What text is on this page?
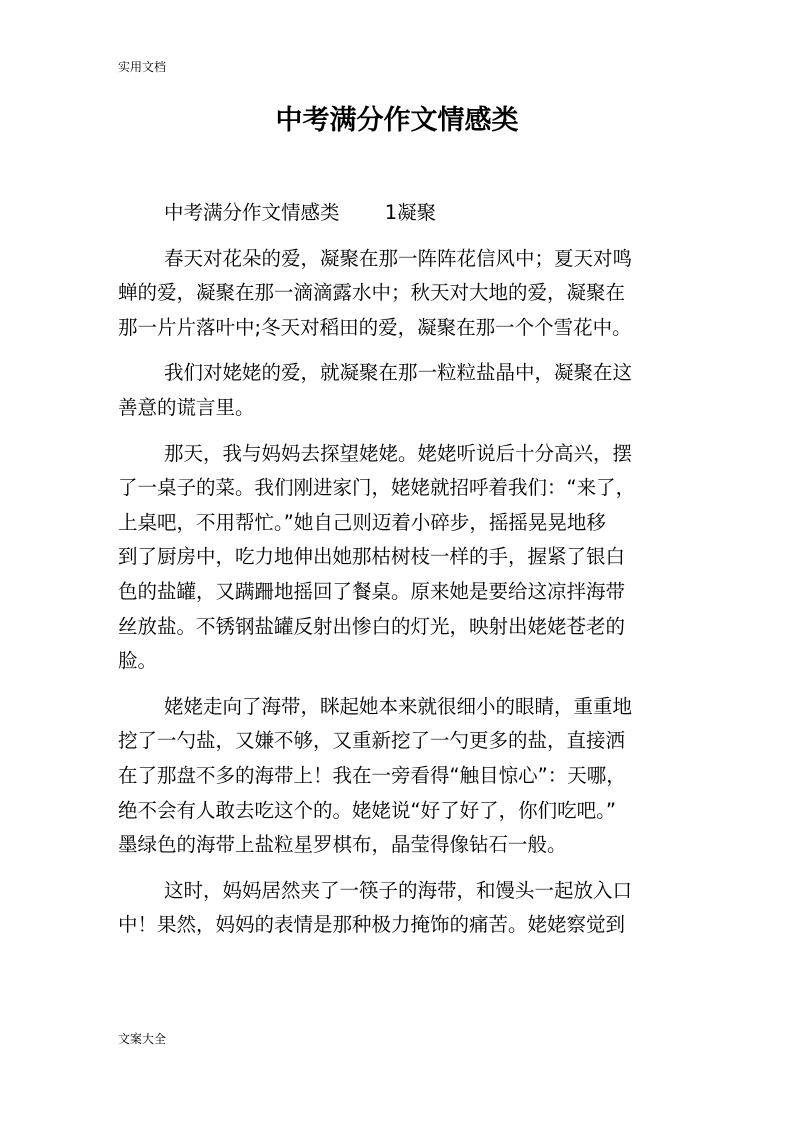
实用文档
中考满分作文情感类
中考满分作文情感类　　 1凝聚
春天对花朵的爱，凝聚在那一阵阵花信风中；夏天对鸣
蝉的爱，凝聚在那一滴滴露水中；秋天对大地的爱，凝聚在
那一片片落叶中;冬天对稻田的爱，凝聚在那一个个雪花中。
我们对姥姥的爱，就凝聚在那一粒粒盐晶中，凝聚在这
善意的谎言里。
那天，我与妈妈去探望姥姥。姥姥听说后十分高兴，摆
了一桌子的菜。我们刚进家门，姥姥就招呼着我们：“来了，
上桌吧，不用帮忙。”她自己则迈着小碎步，摇摇晃晃地移
到了厨房中，吃力地伸出她那枯树枝一样的手，握紧了银白
色的盐罐，又蹒跚地摇回了餐桌。原来她是要给这凉拌海带
丝放盐。不锈钢盐罐反射出惨白的灯光，映射出姥姥苍老的
脸。
姥姥走向了海带，眯起她本来就很细小的眼睛，重重地
挖了一勺盐，又嫌不够，又重新挖了一勺更多的盐，直接洒
在了那盘不多的海带上！我在一旁看得“触目惊心”：天哪，
绝不会有人敢去吃这个的。姥姥说“好了好了，你们吃吧。”
墨绿色的海带上盐粒星罗棋布，晶莹得像钻石一般。
这时，妈妈居然夹了一筷子的海带，和馒头一起放入口
中！果然，妈妈的表情是那种极力掩饰的痛苦。姥姥察觉到
文案大全
